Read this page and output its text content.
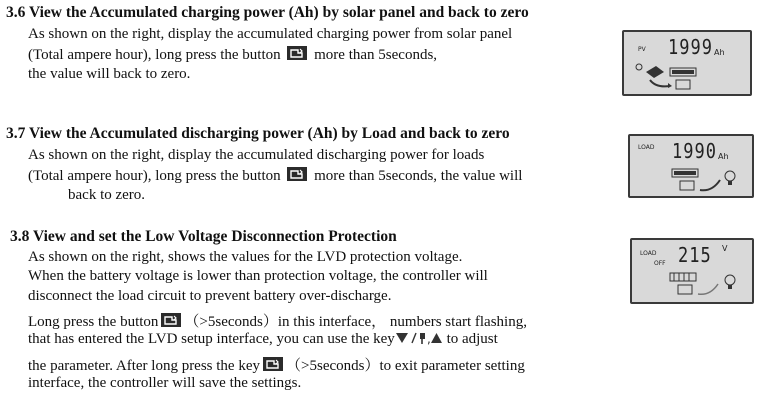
3.6 View the Accumulated charging power (Ah) by solar panel and back to zero
As shown on the right, display the accumulated charging power from solar panel
(Total ampere hour), long press the button more than 5seconds,
the value will back to zero.
PV 1999 Ah
3.7 View the Accumulated discharging power (Ah) by Load and back to zero
As shown on the right, display the accumulated discharging power for loads
(Total ampere hour), long press the button more than 5seconds, the value will
back to zero.
LOAD 1990 Ah
3.8 View and set the Low Voltage Disconnection Protection
As shown on the right, shows the values for the LVD protection voltage.
When the battery voltage is lower than protection voltage, the controller will
disconnect the load circuit to prevent battery over-discharge.
Long press the button （>5seconds）in this interface， numbers start flashing,
that has entered the LVD setup interface, you can use the key	, to adjust
the parameter. After long press the key （>5seconds）to exit parameter setting
interface, the controller will save the settings.
LOAD
OFF 215 V
